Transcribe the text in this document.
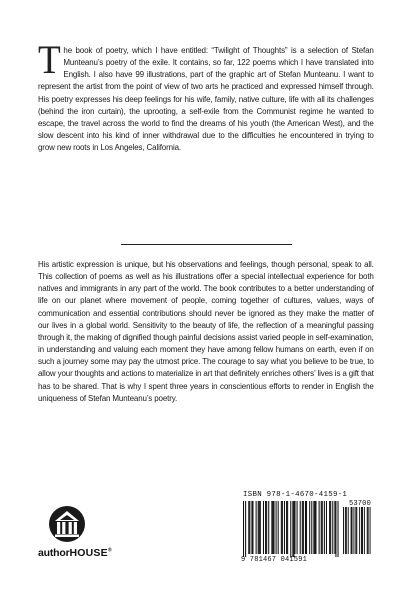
The book of poetry, which I have entitled: “Twilight of Thoughts” is a selection of Stefan Munteanu’s poetry of the exile. It contains, so far, 122 poems which I have translated into English. I also have 99 illustrations, part of the graphic art of Stefan Munteanu. I want to represent the artist from the point of view of two arts he practiced and expressed himself through. His poetry expresses his deep feelings for his wife, family, native culture, life with all its challenges (behind the iron curtain), the uprooting, a self-exile from the Communist regime he wanted to escape, the travel across the world to find the dreams of his youth (the American West), and the slow descent into his kind of inner withdrawal due to the difficulties he encountered in trying to grow new roots in Los Angeles, California.
His artistic expression is unique, but his observations and feelings, though personal, speak to all. This collection of poems as well as his illustrations offer a special intellectual experience for both natives and immigrants in any part of the world. The book contributes to a better understanding of life on our planet where movement of people, coming together of cultures, values, ways of communication and essential contributions should never be ignored as they make the matter of our lives in a global world. Sensitivity to the beauty of life, the reflection of a meaningful passing through it, the making of dignified though painful decisions assist varied people in self-examination, in understanding and valuing each moment they have among fellow humans on earth, even if on such a journey some may pay the utmost price. The courage to say what you believe to be true, to allow your thoughts and actions to materialize in art that definitely enriches others’ lives is a gift that has to be shared. That is why I spent three years in conscientious efforts to render in English the uniqueness of Stefan Munteanu’s poetry.
authorHOUSE®
ISBN 978-1-4670-4159-1
53700
9 781467 041591
